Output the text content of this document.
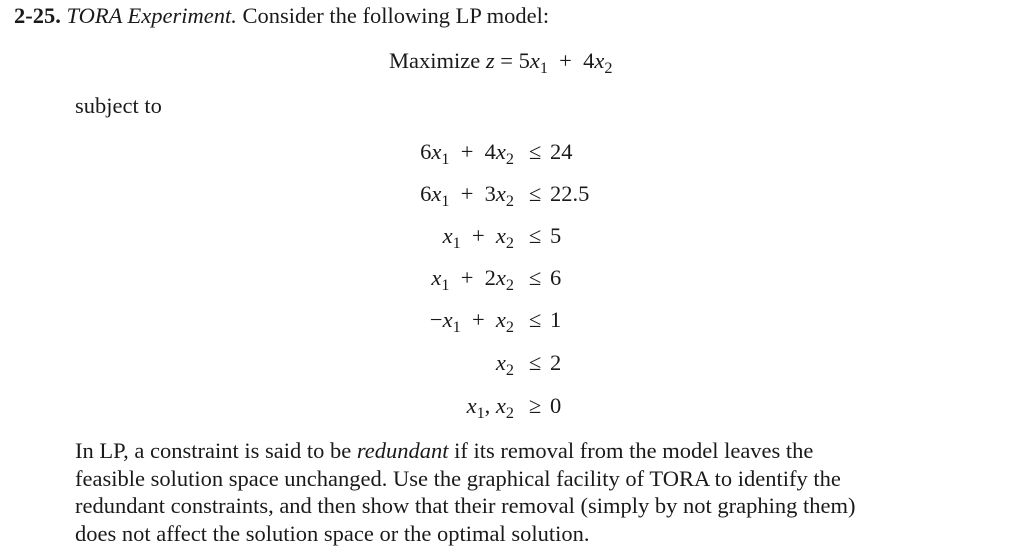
2-25. TORA Experiment. Consider the following LP model:
Maximize $z = 5x_1$ + $4x_2$
subject to
$6x_1$ + $4x_2 \le 24$
$6x_1$ + $3x_2 \le 22.5$
$x_1$ + $x_2 \le 5$
$x_1$ + $2x_2 \le 6$
$-x_1$ + $x_2 \le 1$
$x_2 \le 2$
$x_1$, $x_2 \ge 0$

In LP, a constraint is said to be redundant if its removal from the model leaves the

feasible solution space unchanged. Use the graphical facility of TORA to identify the

redundant constraints, and then show that their removal (simply by not graphing them)

does not affect the solution space or the optimal solution.
